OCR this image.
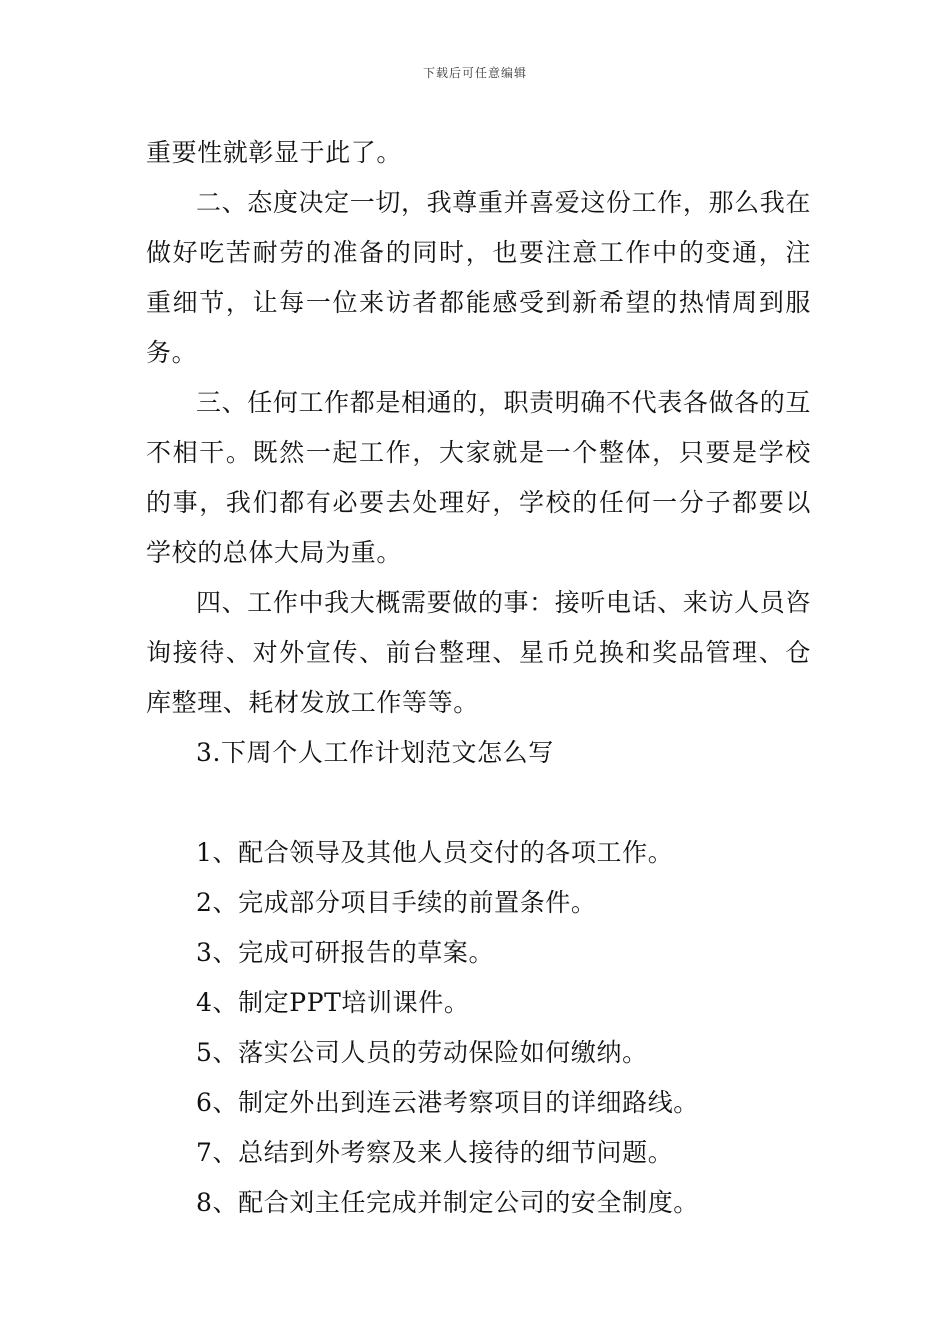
下载后可任意编辑

重要性就彰显于此了。

二、态度决定一切，我尊重并喜爱这份工作，那么我在做好吃苦耐劳的准备的同时，也要注意工作中的变通，注重细节，让每一位来访者都能感受到新希望的热情周到服务。

三、任何工作都是相通的，职责明确不代表各做各的互不相干。既然一起工作，大家就是一个整体，只要是学校的事，我们都有必要去处理好，学校的任何一分子都要以学校的总体大局为重。

四、工作中我大概需要做的事：接听电话、来访人员咨询接待、对外宣传、前台整理、星币兑换和奖品管理、仓库整理、耗材发放工作等等。

3.下周个人工作计划范文怎么写

1、配合领导及其他人员交付的各项工作。

2、完成部分项目手续的前置条件。

3、完成可研报告的草案。

4、制定PPT培训课件。

5、落实公司人员的劳动保险如何缴纳。

6、制定外出到连云港考察项目的详细路线。

7、总结到外考察及来人接待的细节问题。

8、配合刘主任完成并制定公司的安全制度。
